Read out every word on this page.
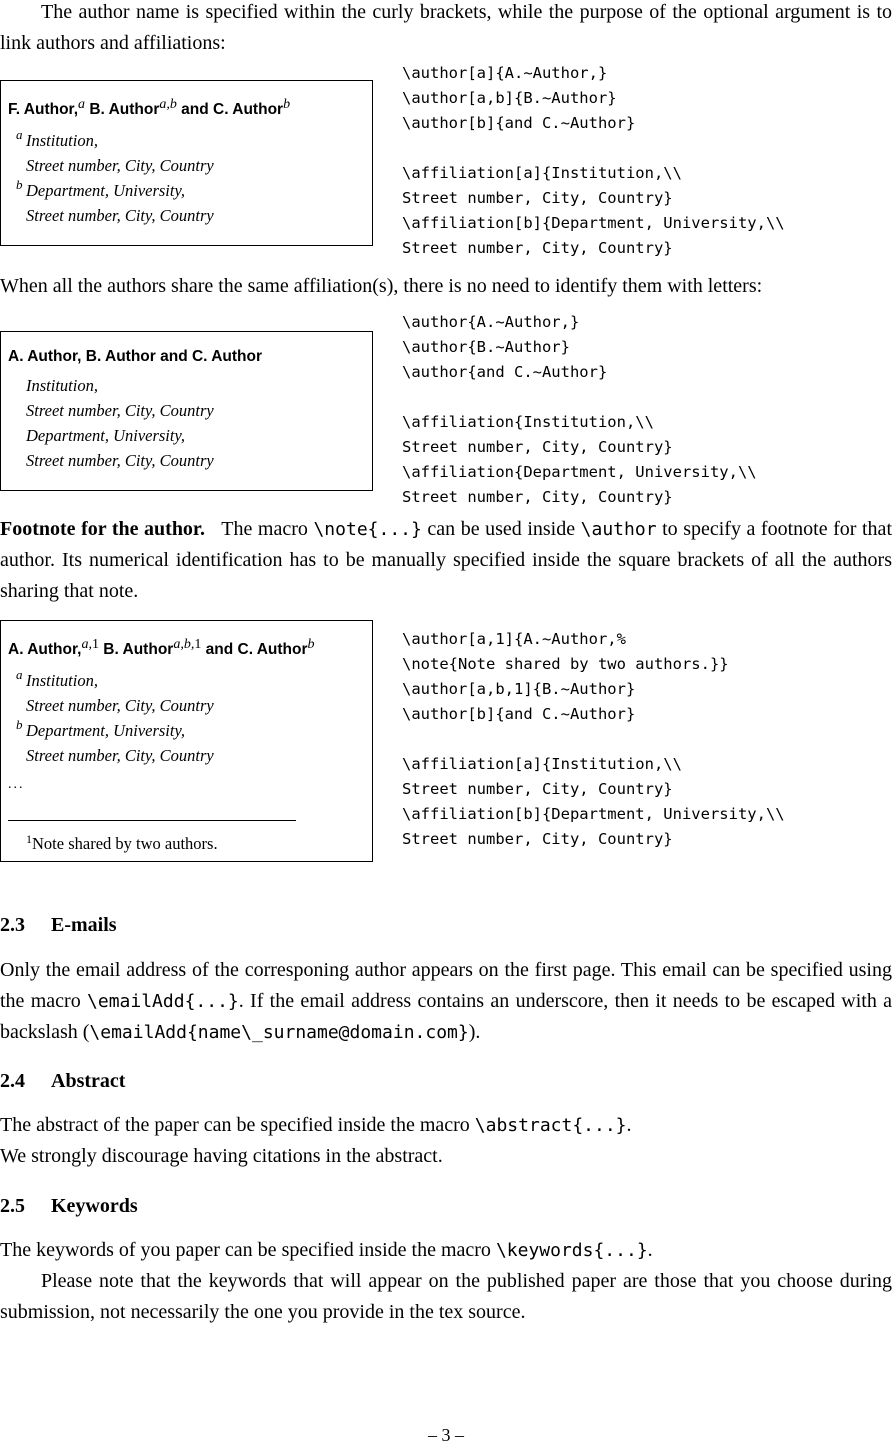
The author name is specified within the curly brackets, while the purpose of the optional argument is to link authors and affiliations:

F. Author,$^a$ B. Author$^{a,b}$ and C. Author$^b$
a Institution,
Street number, City, Country
b Department, University,
Street number, City, Country
\author[a]{A.~Author,}
\author[a,b]{B.~Author}
\author[b]{and C.~Author}

\affiliation[a]{Institution,\\
Street number, City, Country}
\affiliation[b]{Department, University,\\
Street number, City, Country}

When all the authors share the same affiliation(s), there is no need to identify them with letters:

A. Author, B. Author and C. Author
Institution,
Street number, City, Country
Department, University,
Street number, City, Country
\author{A.~Author,}
\author{B.~Author}
\author{and C.~Author}

\affiliation{Institution,\\
Street number, City, Country}
\affiliation{Department, University,\\
Street number, City, Country}

Footnote for the author.   The macro \note{...} can be used inside \author to specify a footnote for that author. Its numerical identification has to be manually specified inside the square brackets of all the authors sharing that note.

A. Author,$^{a,1}$ B. Author$^{a,b,1}$ and C. Author$^b$
a Institution,
Street number, City, Country
b Department, University,
Street number, City, Country
...
$^1$Note shared by two authors.
\author[a,1]{A.~Author,%
\note{Note shared by two authors.}}
\author[a,b,1]{B.~Author}
\author[b]{and C.~Author}

\affiliation[a]{Institution,\\
Street number, City, Country}
\affiliation[b]{Department, University,\\
Street number, City, Country}
2.3 E-mails

Only the email address of the corresponing author appears on the first page. This email can be specified using the macro \emailAdd{...}. If the email address contains an underscore, then it needs to be escaped with a backslash (\emailAdd{name\_surname@domain.com}).

2.4 Abstract

The abstract of the paper can be specified inside the macro \abstract{...}.
We strongly discourage having citations in the abstract.

2.5 Keywords

The keywords of you paper can be specified inside the macro \keywords{...}.

Please note that the keywords that will appear on the published paper are those that you choose during submission, not necessarily the one you provide in the tex source.

– 3 –
